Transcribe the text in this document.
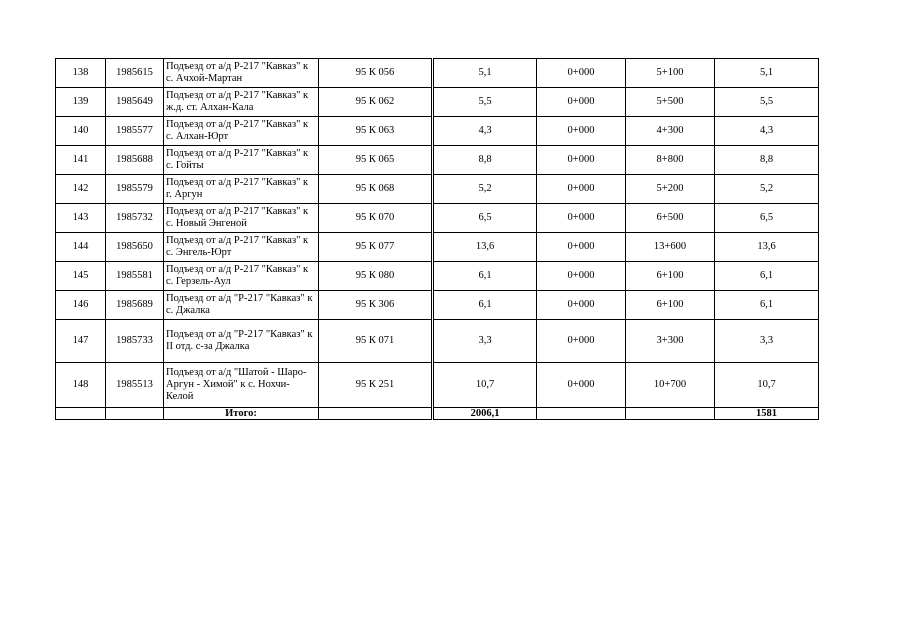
138	1985615	Подъезд от а/д Р-217 "Кавказ" к с. Ачхой-Мартан	95 К 056		5,1	0+000	5+100	5,1
139	1985649	Подъезд от а/д Р-217 "Кавказ" к ж.д. ст. Алхан-Кала	95 К 062		5,5	0+000	5+500	5,5
140	1985577	Подъезд от а/д Р-217 "Кавказ" к с. Алхан-Юрт	95 К 063		4,3	0+000	4+300	4,3
141	1985688	Подъезд от а/д Р-217 "Кавказ" к с. Гойты	95 К 065		8,8	0+000	8+800	8,8
142	1985579	Подъезд от а/д Р-217 "Кавказ" к г. Аргун	95 К 068		5,2	0+000	5+200	5,2
143	1985732	Подъезд от а/д Р-217 "Кавказ" к с. Новый Энгеной	95 К 070		6,5	0+000	6+500	6,5
144	1985650	Подъезд от а/д Р-217 "Кавказ" к с. Энгель-Юрт	95 К 077		13,6	0+000	13+600	13,6
145	1985581	Подъезд от а/д Р-217 "Кавказ" к с. Герзель-Аул	95 К 080		6,1	0+000	6+100	6,1
146	1985689	Подъезд от а/д "Р-217 "Кавказ" к с. Джалка	95 К 306		6,1	0+000	6+100	6,1
147	1985733	Подъезд от а/д "Р-217 "Кавказ" к II отд. с-за Джалка	95 К 071		3,3	0+000	3+300	3,3
148	1985513	Подъезд от а/д "Шатой - Шаро-Аргун - Химой" к с. Нохчи-Келой	95 К 251		10,7	0+000	10+700	10,7
		Итого:			2006,1			1581
